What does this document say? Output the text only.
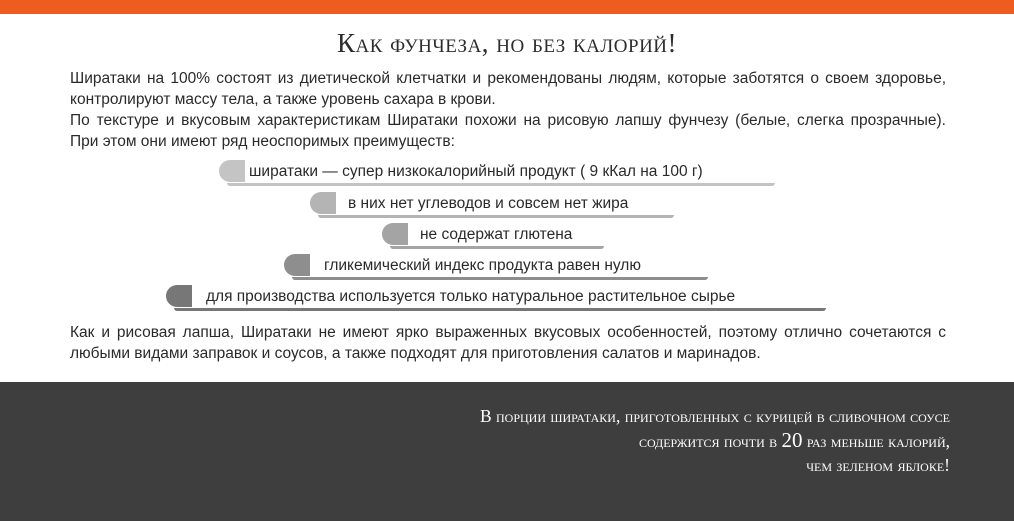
Как фунчеза, но без калорий!

Ширатаки на 100% состоят из диетической клетчатки и рекомендованы людям, которые заботятся о своем здоровье, контролируют массу тела, а также уровень сахара в крови.

По текстуре и вкусовым характеристикам Ширатаки похожи на рисовую лапшу фунчезу (белые, слегка прозрачные). При этом они имеют ряд неоспоримых преимуществ:

ширатаки — супер низкокалорийный продукт ( 9 кКал на 100 г)
в них нет углеводов и совсем нет жира
не содержат глютена
гликемический индекс продукта равен нулю
для производства используется только натуральное растительное сырье

Как и рисовая лапша, Ширатаки не имеют ярко выраженных вкусовых особенностей, поэтому отлично сочетаются с любыми видами заправок и соусов, а также подходят для приготовления салатов и маринадов.

В порции ширатаки, приготовленных с курицей в сливочном соусе
содержится почти в 20 раз меньше калорий,
чем зеленом яблоке!
